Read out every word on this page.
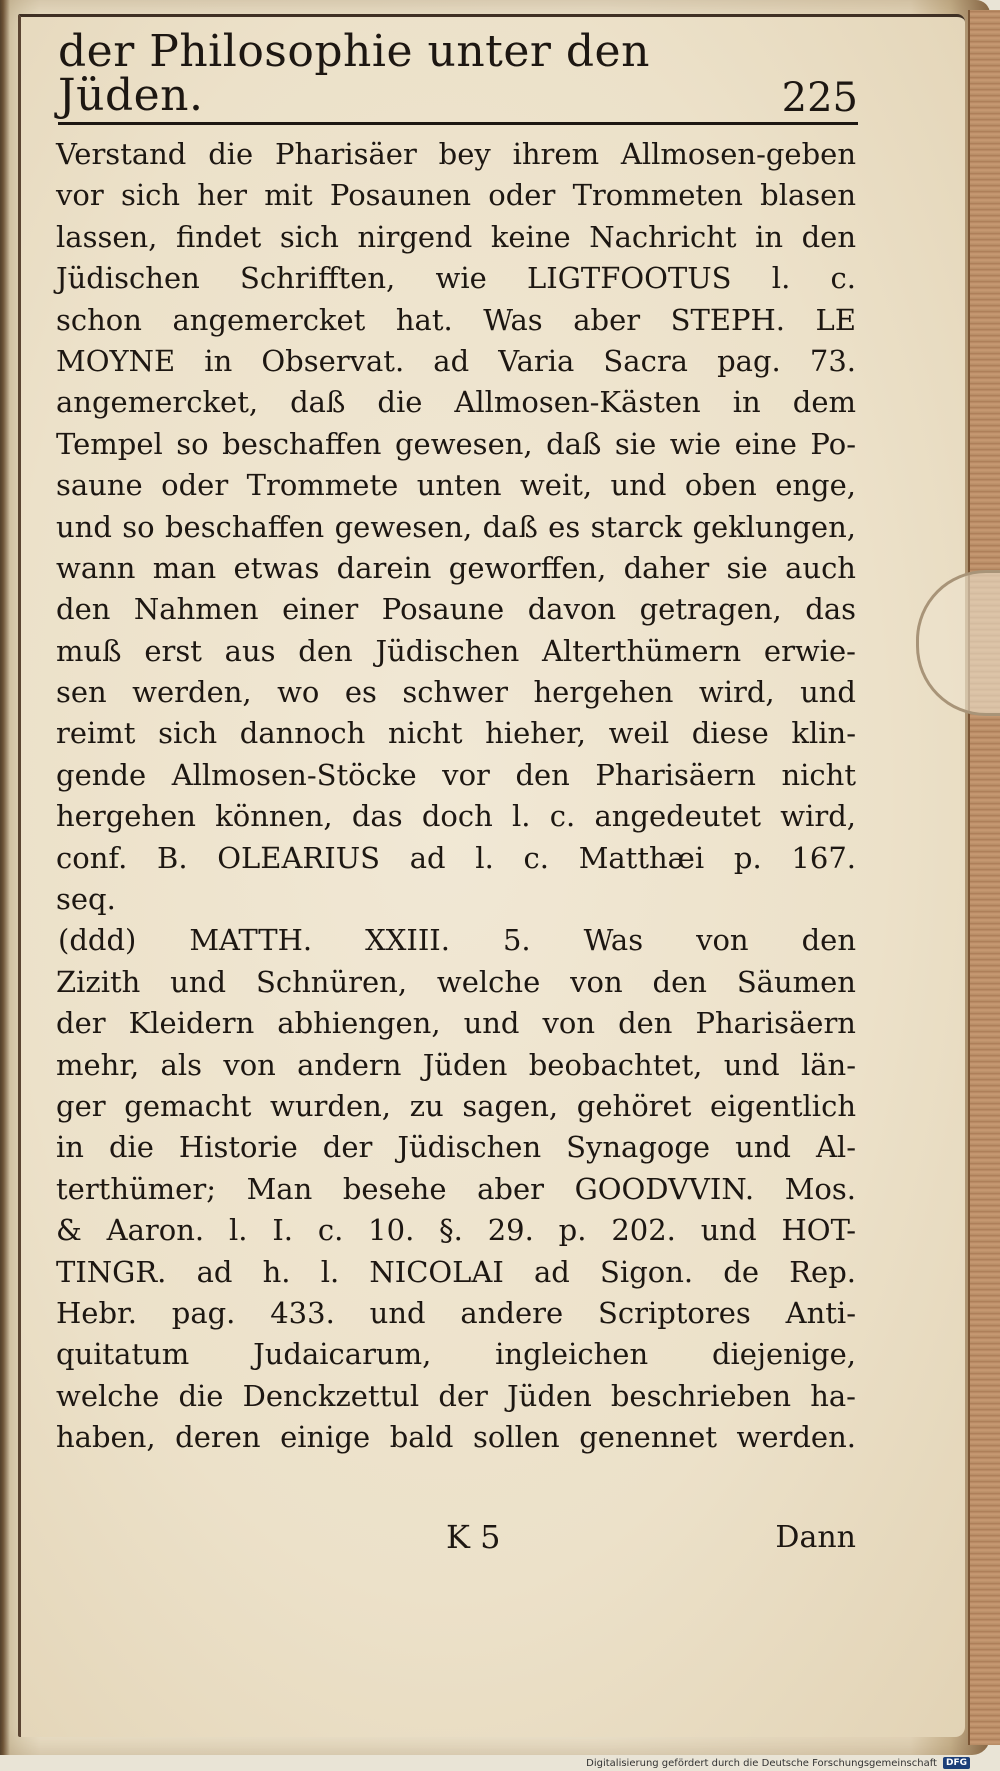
der Philosophie unter den Jüden.	225
Verstand die Pharisäer bey ihrem Allmosen-geben
vor sich her mit Posaunen oder Trommeten blasen
lassen, findet sich nirgend keine Nachricht in den
Jüdischen Schrifften, wie LIGTFOOTUS l. c.
schon angemercket hat. Was aber STEPH. LE
MOYNE in Observat. ad Varia Sacra pag. 73.
angemercket, daß die Allmosen-Kästen in dem
Tempel so beschaffen gewesen, daß sie wie eine Po-
saune oder Trommete unten weit, und oben enge,
und so beschaffen gewesen, daß es starck geklungen,
wann man etwas darein geworffen, daher sie auch
den Nahmen einer Posaune davon getragen, das
muß erst aus den Jüdischen Alterthümern erwie-
sen werden, wo es schwer hergehen wird, und
reimt sich dannoch nicht hieher, weil diese klin-
gende Allmosen-Stöcke vor den Pharisäern nicht
hergehen können, das doch l. c. angedeutet wird,
conf. B. OLEARIUS ad l. c. Matthæi p. 167.
seq.
(ddd) MATTH. XXIII. 5. Was von den
Zizith und Schnüren, welche von den Säumen
der Kleidern abhiengen, und von den Pharisäern
mehr, als von andern Jüden beobachtet, und län-
ger gemacht wurden, zu sagen, gehöret eigentlich
in die Historie der Jüdischen Synagoge und Al-
terthümer; Man besehe aber GOODVVIN. Mos.
& Aaron. l. I. c. 10. §. 29. p. 202. und HOT-
TINGR. ad h. l. NICOLAI ad Sigon. de Rep.
Hebr. pag. 433. und andere Scriptores Anti-
quitatum Judaicarum, ingleichen diejenige,
welche die Denckzettul der Jüden beschrieben ha-
haben, deren einige bald sollen genennet werden.
K 5	Dann
Digitalisierung gefördert durch die Deutsche Forschungsgemeinschaft	DFG
